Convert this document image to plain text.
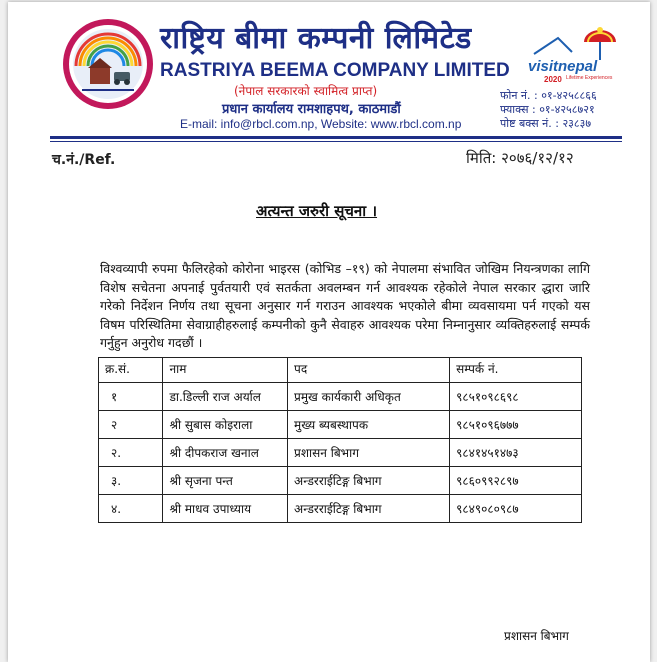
राष्ट्रिय बीमा कम्पनी लिमिटेड
RASTRIYA BEEMA COMPANY LIMITED
(नेपाल सरकारको स्वामित्व प्राप्त)
प्रधान कार्यालय रामशाहपथ, काठमाडौं
E-mail: info@rbcl.com.np, Website: www.rbcl.com.np
visitnepal
2020 Lifetime Experiences
फोन नं. : ०१-४२५८८६६
फ्याक्स : ०१-४२५८७२१
पोष्ट बक्स नं. : २३८३७
च.नं./Ref.	मिति: २०७६/१२/१२
अत्यन्त जरुरी सूचना ।
विश्वव्यापी रुपमा फैलिरहेको कोरोना भाइरस (कोभिड –१९) को नेपालमा संभावित जोखिम नियन्त्रणका लागि विशेष सचेतना अपनाई पुर्वतयारी एवं सतर्कता अवलम्बन गर्न आवश्यक रहेकोले नेपाल सरकार द्धारा जारि गरेको निर्देशन निर्णय तथा सूचना अनुसार गर्न गराउन आवश्यक भएकोले बीमा व्यवसायमा पर्न गएको यस विषम परिस्थितिमा सेवाग्राहीहरुलाई कम्पनीको कुनै सेवाहरु आवश्यक परेमा निम्नानुसार व्यक्तिहरुलाई सम्पर्क गर्नुहुन अनुरोध गदछौं ।
क्र.सं.	नाम	पद	सम्पर्क नं.
१	डा.डिल्ली राज अर्याल	प्रमुख कार्यकारी अधिकृत	९८५१०९८६९८
२	श्री सुबास कोइराला	मुख्य ब्यबस्थापक	९८५१०९६७७७
२.	श्री दीपकराज खनाल	प्रशासन बिभाग	९८४१४५१४७३
३.	श्री सृजना पन्त	अन्डरराईटिङ्ग बिभाग	९८६०९९२८९७
४.	श्री माधव उपाध्याय	अन्डरराईटिङ्ग बिभाग	९८४९०८०९८७
प्रशासन बिभाग
